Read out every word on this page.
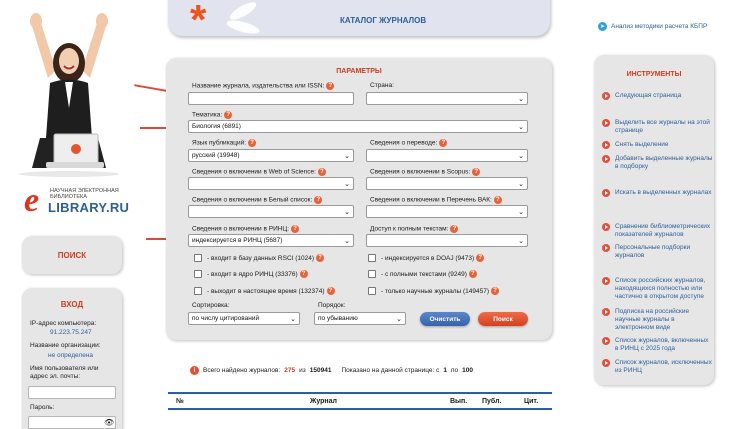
e НАУЧНАЯ ЭЛЕКТРОННАЯ БИБЛИОТЕКА
LIBRARY.RU
ПОИСК
ВХОД
IP-адрес компьютера:
91.223.75.247
Название организации:
не определена
Имя пользователя или адрес эл. почты:
Пароль:
👁
*	КАТАЛОГ ЖУРНАЛОВ
➤ Анализ методики расчета КБПР
ПАРАМЕТРЫ
Название журнала, издательства или ISSN: ?	Страна:
⌄
Тематика: ?
Биология (6891)	⌄
Язык публикаций: ?
русский (19948)	⌄
Сведения о переводе: ?
⌄
Сведения о включении в Web of Science: ?
⌄
Сведения о включении в Scopus: ?
⌄
Сведения о включении в Белый список: ?
⌄
Сведения о включении в Перечень ВАК: ?
⌄
Сведения о включении в РИНЦ: ?
индексируется в РИНЦ (5687)	⌄
Доступ к полным текстам: ?
⌄
- входит в базу данных RSCI (1024) ?
- входит в ядро РИНЦ (33376) ?
- выходит в настоящее время (132374) ?
- индексируется в DOAJ (9473) ?
- с полными текстами (9249) ?
- только научные журналы (149457) ?
Сортировка:
по числу цитирований	⌄
Порядок:
по убыванию	⌄	Очистить	Поиск
ИНСТРУМЕНТЫ
Следующая страница
Выделить все журналы на этой странице
Снять выделение
Добавить выделенные журналы в подборку
Искать в выделенных журналах
Сравнение библиометрических показателей журналов
Персональные подборки журналов
Список российских журналов, находящихся полностью или частично в открытом доступе
Подписка на российские научные журналы в электронном виде
Список журналов, включенных в РИНЦ с 2025 года
Список журналов, исключенных из РИНЦ
i	Всего найдено журналов: 275 из 150941 Показано на данной странице: с 1 по 100
№	Журнал	Вып. Публ.	Цит.
